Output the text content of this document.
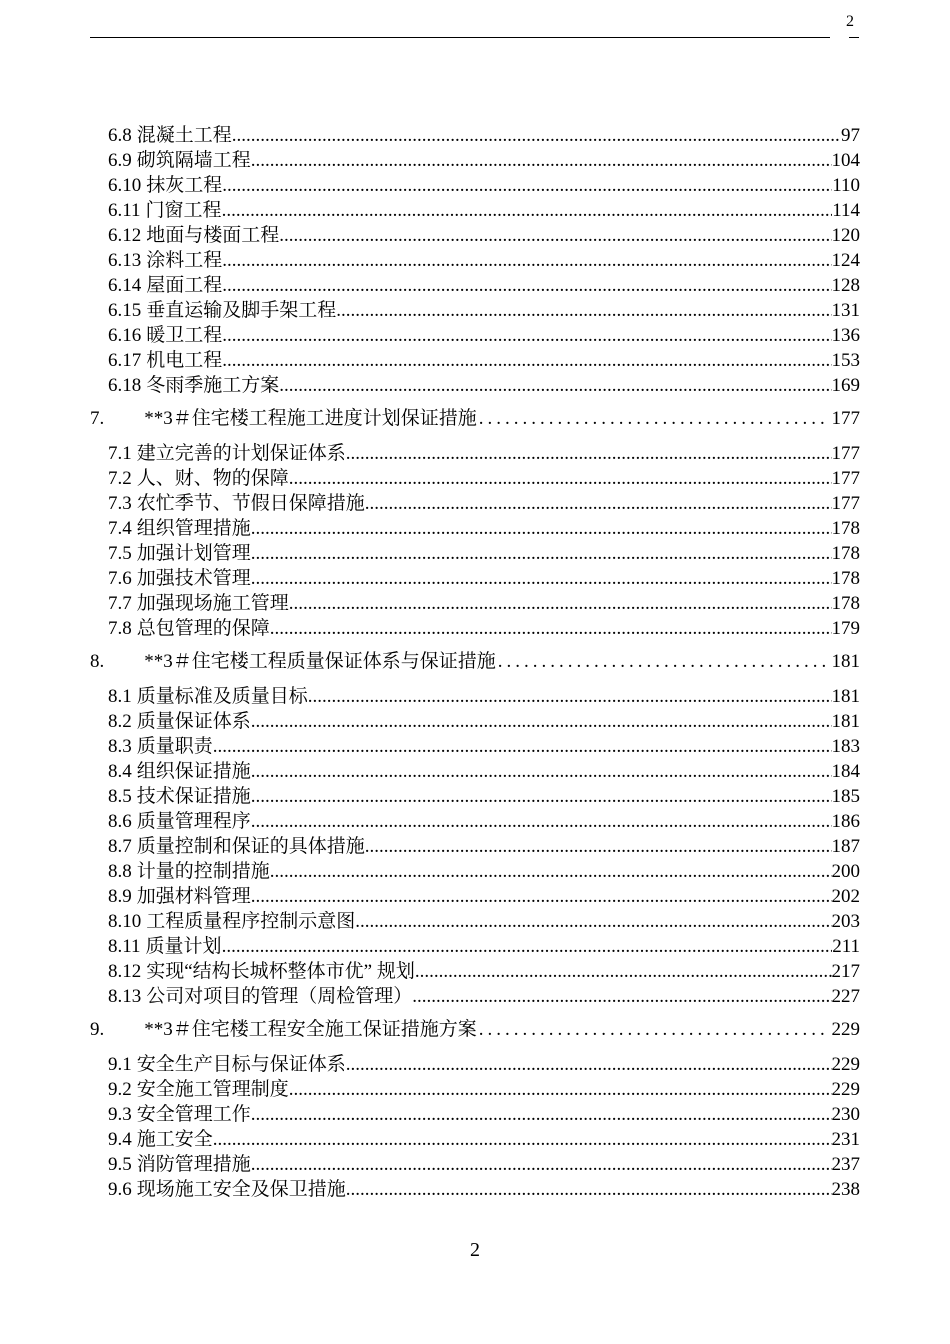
2
6.8 混凝土工程 .....	97
6.9 砌筑隔墙工程 .....	104
6.10 抹灰工程 .....	110
6.11 门窗工程 .....	114
6.12 地面与楼面工程 .....	120
6.13 涂料工程 .....	124
6.14 屋面工程 .....	128
6.15 垂直运输及脚手架工程 .....	131
6.16 暖卫工程 .....	136
6.17 机电工程 .....	153
6.18 冬雨季施工方案 .....	169
7.	**3＃住宅楼工程施工进度计划保证措施 .....	177
7.1 建立完善的计划保证体系 .....	177
7.2 人、财、物的保障 .....	177
7.3 农忙季节、节假日保障措施 .....	177
7.4 组织管理措施 .....	178
7.5 加强计划管理 .....	178
7.6 加强技术管理 .....	178
7.7 加强现场施工管理 .....	178
7.8 总包管理的保障 .....	179
8.	**3＃住宅楼工程质量保证体系与保证措施 .....	181
8.1 质量标准及质量目标 .....	181
8.2 质量保证体系 .....	181
8.3 质量职责 .....	183
8.4 组织保证措施 .....	184
8.5 技术保证措施 .....	185
8.6 质量管理程序 .....	186
8.7 质量控制和保证的具体措施 .....	187
8.8 计量的控制措施 .....	200
8.9 加强材料管理 .....	202
8.10 工程质量程序控制示意图 .....	203
8.11 质量计划 .....	211
8.12 实现“结构长城杯整体市优” 规划 .....	217
8.13 公司对项目的管理（周检管理） .....	227
9.	**3＃住宅楼工程安全施工保证措施方案 .....	229
9.1 安全生产目标与保证体系 .....	229
9.2 安全施工管理制度 .....	229
9.3 安全管理工作 .....	230
9.4 施工安全 .....	231
9.5 消防管理措施 .....	237
9.6 现场施工安全及保卫措施 .....	238
2
